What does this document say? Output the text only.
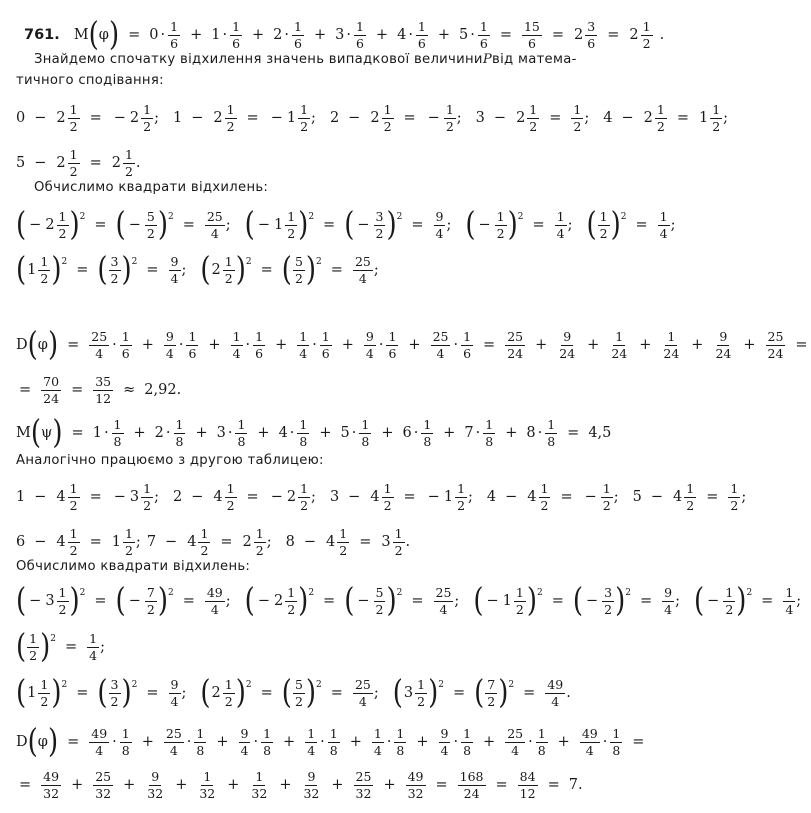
761. M ( φ ) = 0 ·
1
6 + 1 ·
1
6 + 2 ·
1
6 + 3 ·
1
6 + 4 ·
1
6 + 5 ·
1
6 =
15
6 = 2
3
6 = 2
1
2 .
Знайдемо спочатку відхилення значень випадкової величини P від матема-
тичного сподівання:
0 − 2
1
2 = − 2
1
2 ; 1 − 2
1
2 = − 1
1
2 ; 2 − 2
1
2 = − $\frac{1}{2}$ ; 3 − 2
1
2 =
1
2 ; 4 − 2
1
2 = 1
1
2 ;
5 − 2
1
2 = 2
1
2 .
Обчислимо квадрати відхилень:
( − 2
1
2 ) 2
= ( − $\frac{5}{2}$ ) 2
=
25
4 ; ( − 1
1
2 ) 2
= ( − $\frac{3}{2}$ ) 2
=
9
4 ; ( − $\frac{1}{2}$ ) 2
=
1
4 ; ( 1
2 ) 2
=
1
4 ;
( 1
1
2 ) 2
= ( 3
2 ) 2
=
9
4 ; ( 2
1
2 ) 2
= ( 5
2 ) 2
=
25
4 ;
D ( φ ) =
25
4 ·
1
6 +
9
4 ·
1
6 +
1
4 ·
1
6 +
1
4 ·
1
6 +
9
4 ·
1
6 +
25
4 ·
1
6 =
25
24 +
9
24 +
1
24 +
1
24 +
9
24 +
25
24 =
=
70
24 =
35
12 ≈ 2,92.
M ( ψ ) = 1 ·
1
8 + 2 ·
1
8 + 3 ·
1
8 + 4 ·
1
8 + 5 ·
1
8 + 6 ·
1
8 + 7 ·
1
8 + 8 ·
1
8 = 4,5
Аналогічно працюємо з другою таблицею:
1 − 4
1
2 = − 3
1
2 ; 2 − 4
1
2 = − 2
1
2 ; 3 − 4
1
2 = − 1
1
2 ; 4 − 4
1
2 = − $\frac{1}{2}$ ; 5 − 4
1
2 =
1
2 ;
6 − 4
1
2 = 1
1
2 ; 7 − 4
1
2 = 2
1
2 ; 8 − 4
1
2 = 3
1
2 .
Обчислимо квадрати відхилень:
( − 3
1
2 ) 2
= ( − $\frac{7}{2}$ ) 2
=
49
4 ; ( − 2
1
2 ) 2
= ( − $\frac{5}{2}$ ) 2
=
25
4 ; ( − 1
1
2 ) 2
= ( − $\frac{3}{2}$ ) 2
=
9
4 ; ( − $\frac{1}{2}$ ) 2
=
1
4 ;
( 1
2 ) 2
=
1
4 ;
( 1
1
2 ) 2
= ( 3
2 ) 2
=
9
4 ; ( 2
1
2 ) 2
= ( 5
2 ) 2
=
25
4 ; ( 3
1
2 ) 2
= ( 7
2 ) 2
=
49
4 .
D ( φ ) =
49
4 ·
1
8 +
25
4 ·
1
8 +
9
4 ·
1
8 +
1
4 ·
1
8 +
1
4 ·
1
8 +
9
4 ·
1
8 +
25
4 ·
1
8 +
49
4 ·
1
8 =
=
49
32 +
25
32 +
9
32 +
1
32 +
1
32 +
9
32 +
25
32 +
49
32 =
168
24 =
84
12 = 7.
